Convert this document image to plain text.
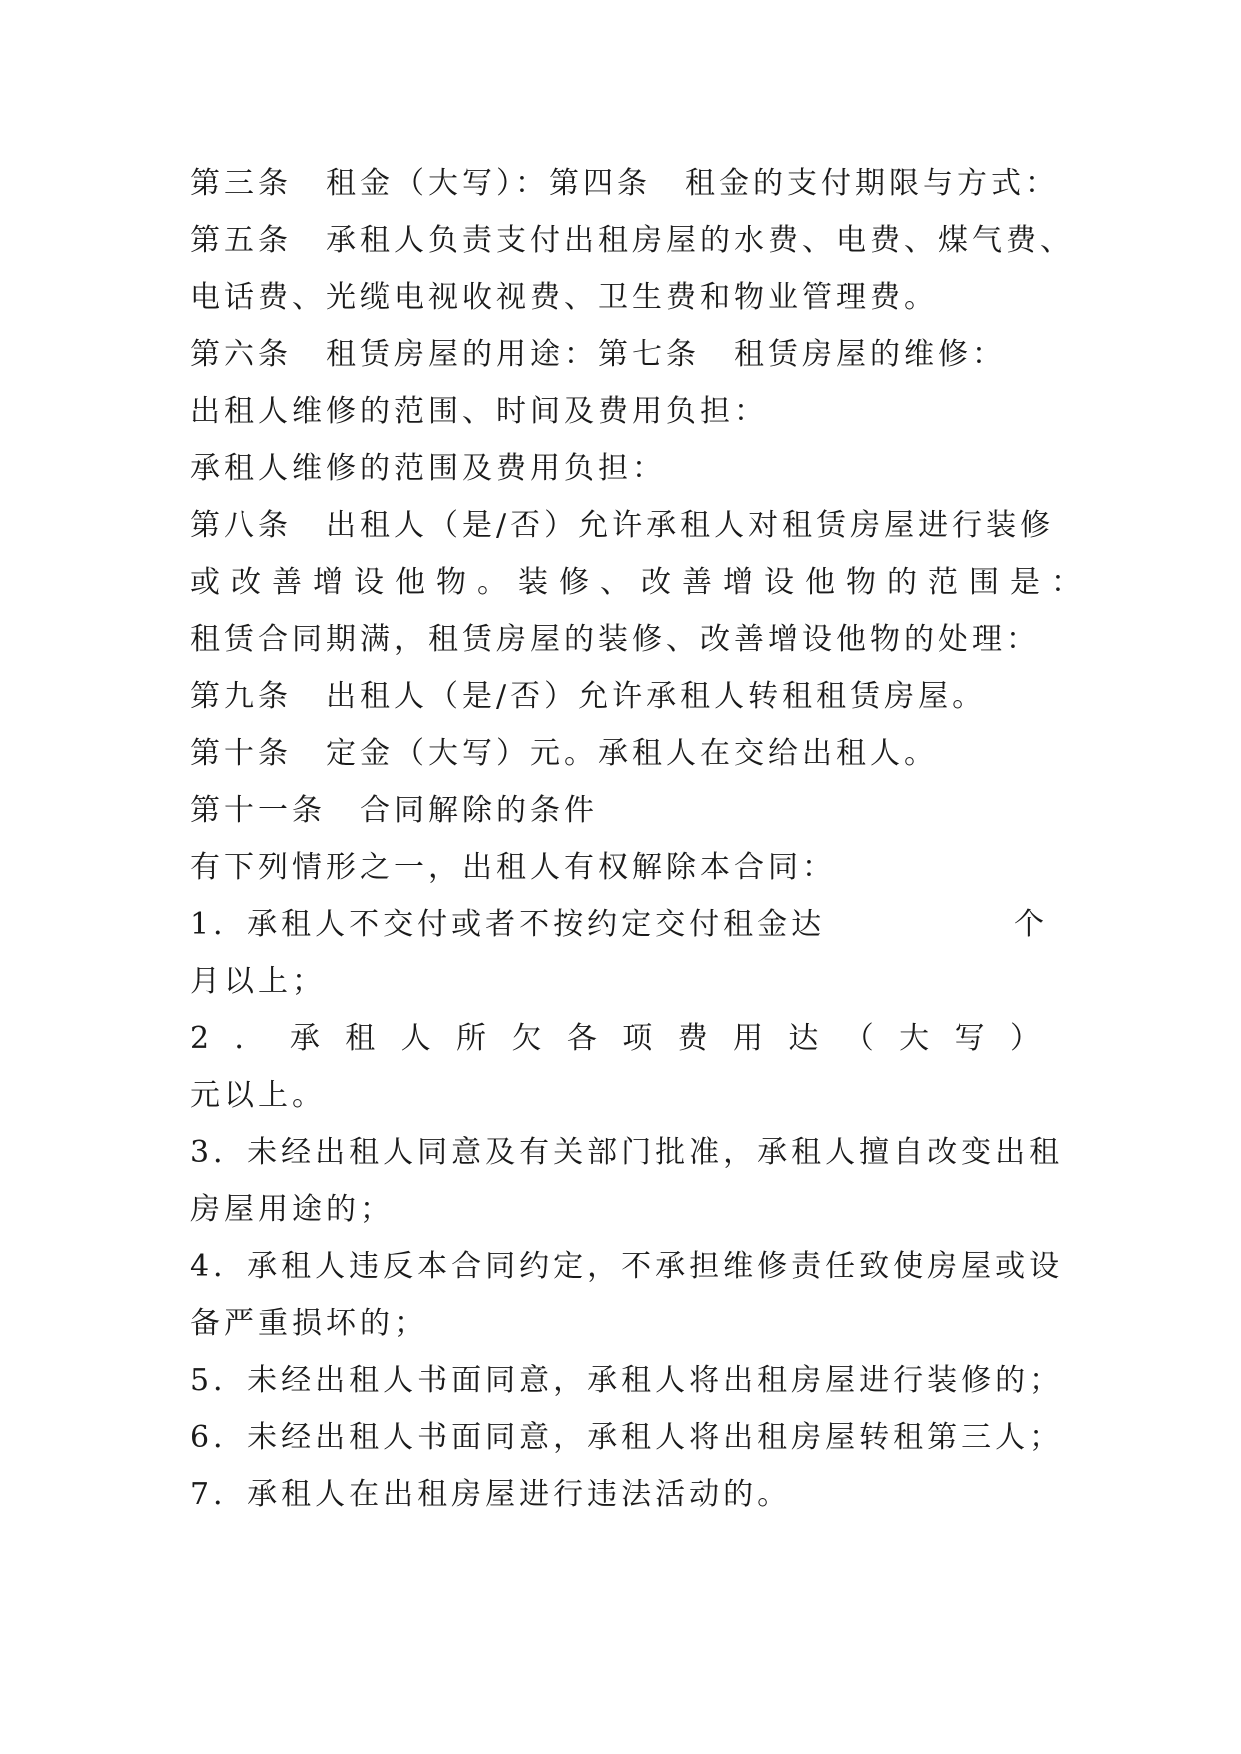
第三条　租金（大写）：第四条　租金的支付期限与方式：
第五条　承租人负责支付出租房屋的水费、电费、煤气费、
电话费、光缆电视收视费、卫生费和物业管理费。
第六条　租赁房屋的用途：第七条　租赁房屋的维修：
出租人维修的范围、时间及费用负担：
承租人维修的范围及费用负担：
第八条　出租人（是/否）允许承租人对租赁房屋进行装修
或改善增设他物。装修、改善增设他物的范围是：
租赁合同期满，租赁房屋的装修、改善增设他物的处理：
第九条　出租人（是/否）允许承租人转租租赁房屋。
第十条　定金（大写）元。承租人在交给出租人。
第十一条　合同解除的条件
有下列情形之一，出租人有权解除本合同：
1．承租人不交付或者不按约定交付租金达	个
月以上；
2 ． 承 租 人 所 欠 各 项 费 用 达 （ 大 写 ）
元以上。
3．未经出租人同意及有关部门批准，承租人擅自改变出租
房屋用途的；
4．承租人违反本合同约定，不承担维修责任致使房屋或设
备严重损坏的；
5．未经出租人书面同意，承租人将出租房屋进行装修的；
6．未经出租人书面同意，承租人将出租房屋转租第三人；
7．承租人在出租房屋进行违法活动的。
